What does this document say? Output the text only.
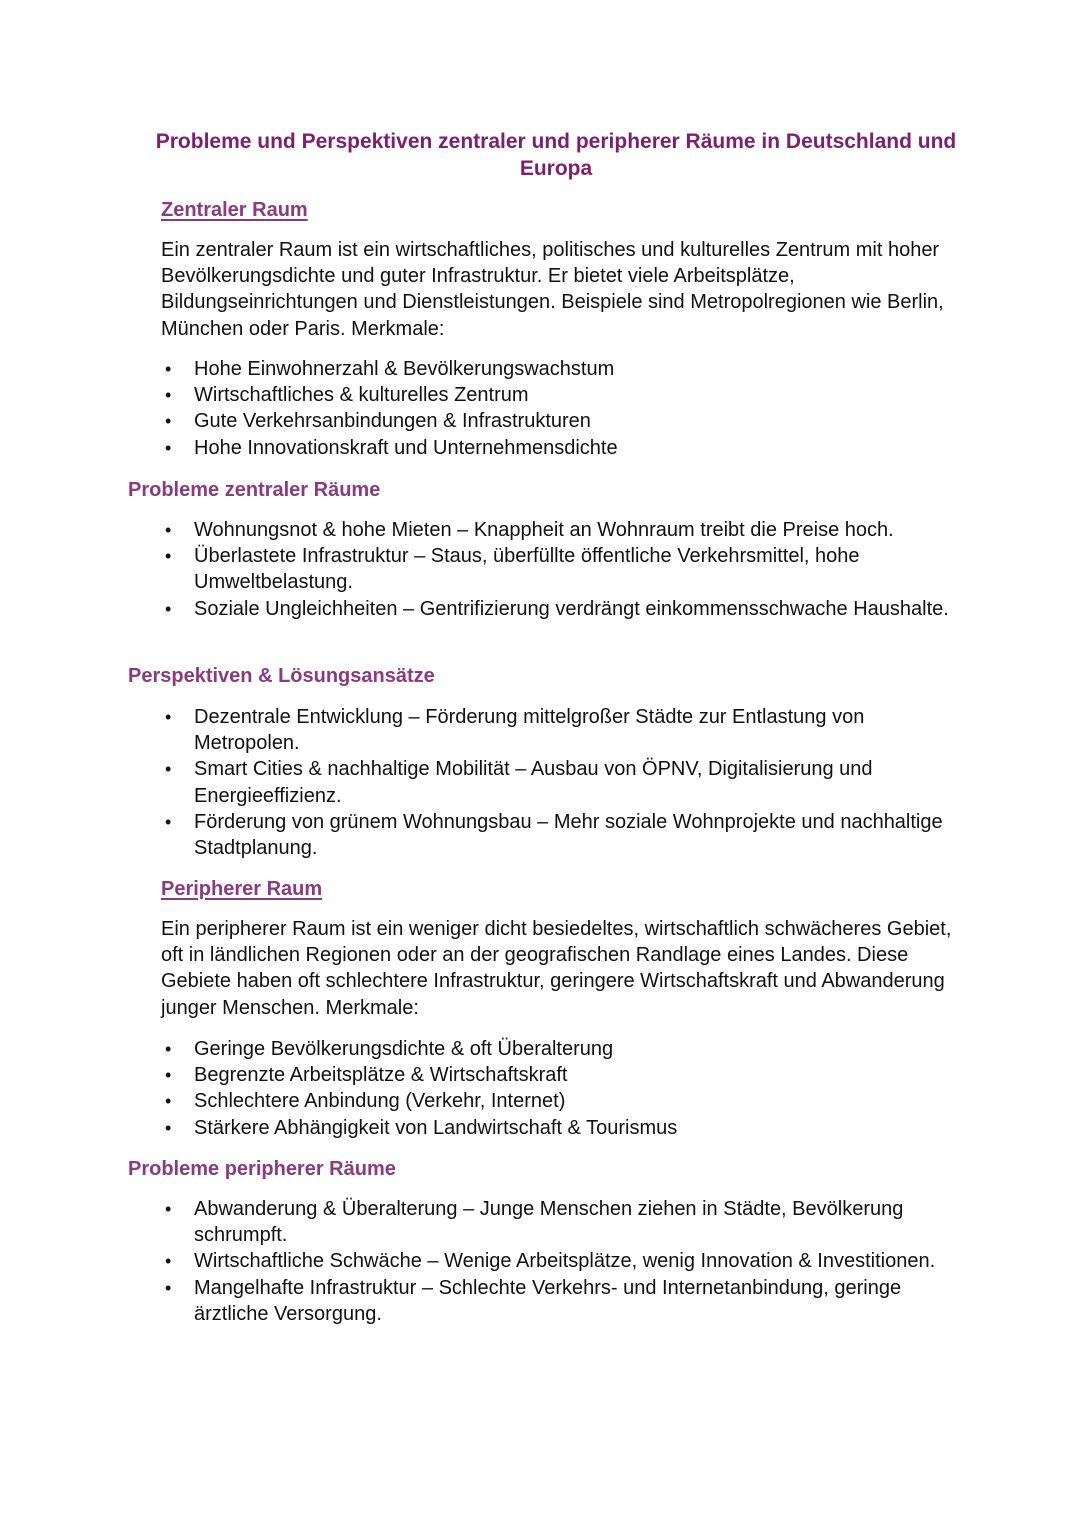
Probleme und Perspektiven zentraler und peripherer Räume in Deutschland und Europa
Zentraler Raum

Ein zentraler Raum ist ein wirtschaftliches, politisches und kulturelles Zentrum mit hoher Bevölkerungsdichte und guter Infrastruktur. Er bietet viele Arbeitsplätze, Bildungseinrichtungen und Dienstleistungen. Beispiele sind Metropolregionen wie Berlin, München oder Paris. Merkmale:

• Hohe Einwohnerzahl & Bevölkerungswachstum
• Wirtschaftliches & kulturelles Zentrum
• Gute Verkehrsanbindungen & Infrastrukturen
• Hohe Innovationskraft und Unternehmensdichte
Probleme zentraler Räume
• Wohnungsnot & hohe Mieten – Knappheit an Wohnraum treibt die Preise hoch.
• Überlastete Infrastruktur – Staus, überfüllte öffentliche Verkehrsmittel, hohe Umweltbelastung.
• Soziale Ungleichheiten – Gentrifizierung verdrängt einkommensschwache Haushalte.
Perspektiven & Lösungsansätze
• Dezentrale Entwicklung – Förderung mittelgroßer Städte zur Entlastung von Metropolen.
• Smart Cities & nachhaltige Mobilität – Ausbau von ÖPNV, Digitalisierung und Energieeffizienz.
• Förderung von grünem Wohnungsbau – Mehr soziale Wohnprojekte und nachhaltige Stadtplanung.
Peripherer Raum

Ein peripherer Raum ist ein weniger dicht besiedeltes, wirtschaftlich schwächeres Gebiet, oft in ländlichen Regionen oder an der geografischen Randlage eines Landes. Diese Gebiete haben oft schlechtere Infrastruktur, geringere Wirtschaftskraft und Abwanderung junger Menschen. Merkmale:

• Geringe Bevölkerungsdichte & oft Überalterung
• Begrenzte Arbeitsplätze & Wirtschaftskraft
• Schlechtere Anbindung (Verkehr, Internet)
• Stärkere Abhängigkeit von Landwirtschaft & Tourismus
Probleme peripherer Räume
• Abwanderung & Überalterung – Junge Menschen ziehen in Städte, Bevölkerung schrumpft.
• Wirtschaftliche Schwäche – Wenige Arbeitsplätze, wenig Innovation & Investitionen.
• Mangelhafte Infrastruktur – Schlechte Verkehrs- und Internetanbindung, geringe ärztliche Versorgung.
